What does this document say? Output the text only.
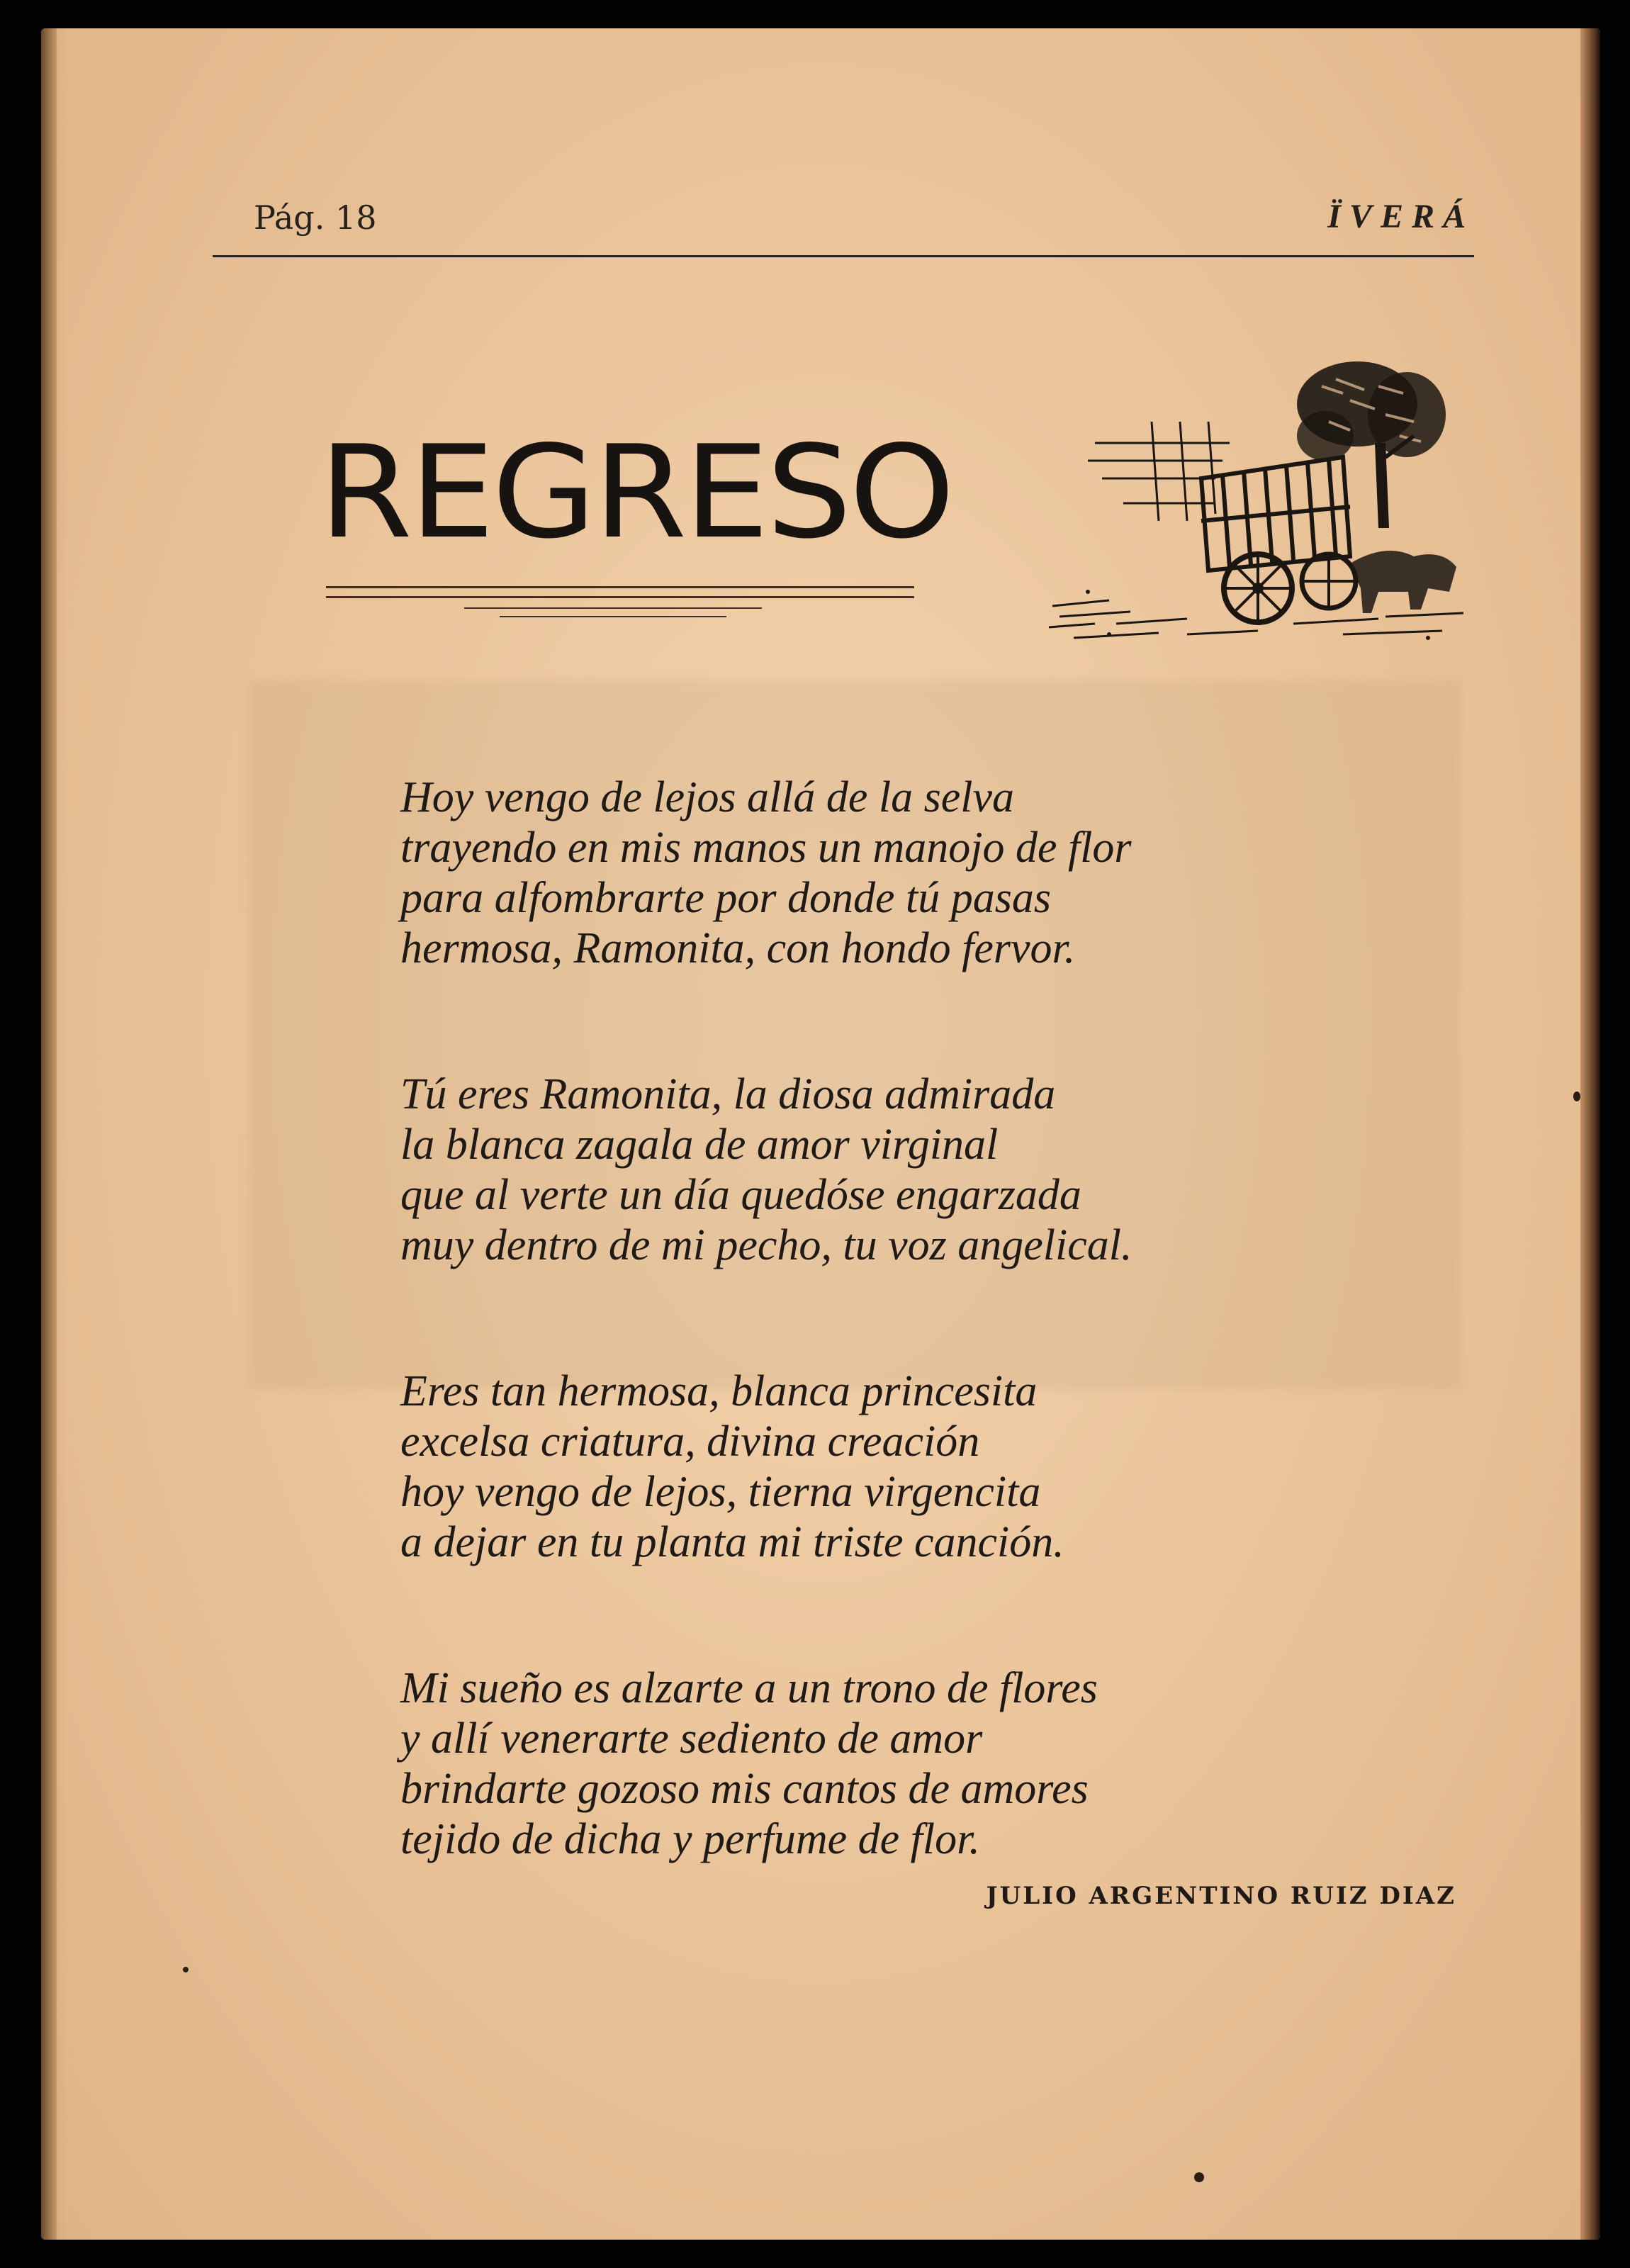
Pág. 18	ÏVERÁ
REGRESO
Hoy vengo de lejos allá de la selva
trayendo en mis manos un manojo de flor
para alfombrarte por donde tú pasas
hermosa, Ramonita, con hondo fervor.
Tú eres Ramonita, la diosa admirada
la blanca zagala de amor virginal
que al verte un día quedóse engarzada
muy dentro de mi pecho, tu voz angelical.
Eres tan hermosa, blanca princesita
excelsa criatura, divina creación
hoy vengo de lejos, tierna virgencita
a dejar en tu planta mi triste canción.
Mi sueño es alzarte a un trono de flores
y allí venerarte sediento de amor
brindarte gozoso mis cantos de amores
tejido de dicha y perfume de flor.
JULIO ARGENTINO RUIZ DIAZ
